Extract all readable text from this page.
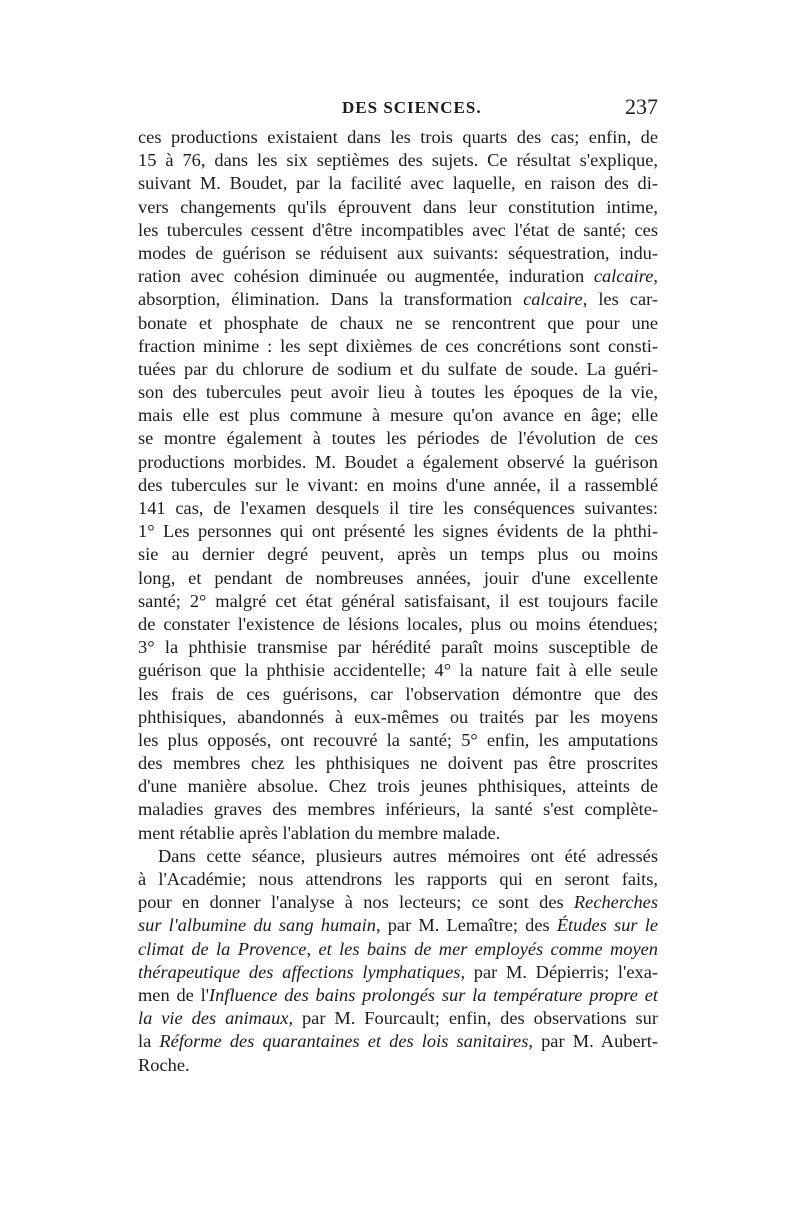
DES SCIENCES.	237
ces productions existaient dans les trois quarts des cas; enfin, de
15 à 76, dans les six septièmes des sujets. Ce résultat s'explique,
suivant M. Boudet, par la facilité avec laquelle, en raison des di-
vers changements qu'ils éprouvent dans leur constitution intime,
les tubercules cessent d'être incompatibles avec l'état de santé; ces
modes de guérison se réduisent aux suivants: séquestration, indu-
ration avec cohésion diminuée ou augmentée, induration calcaire,
absorption, élimination. Dans la transformation calcaire, les car-
bonate et phosphate de chaux ne se rencontrent que pour une
fraction minime : les sept dixièmes de ces concrétions sont consti-
tuées par du chlorure de sodium et du sulfate de soude. La guéri-
son des tubercules peut avoir lieu à toutes les époques de la vie,
mais elle est plus commune à mesure qu'on avance en âge; elle
se montre également à toutes les périodes de l'évolution de ces
productions morbides. M. Boudet a également observé la guérison
des tubercules sur le vivant: en moins d'une année, il a rassemblé
141 cas, de l'examen desquels il tire les conséquences suivantes:
1° Les personnes qui ont présenté les signes évidents de la phthi-
sie au dernier degré peuvent, après un temps plus ou moins
long, et pendant de nombreuses années, jouir d'une excellente
santé; 2° malgré cet état général satisfaisant, il est toujours facile
de constater l'existence de lésions locales, plus ou moins étendues;
3° la phthisie transmise par hérédité paraît moins susceptible de
guérison que la phthisie accidentelle; 4° la nature fait à elle seule
les frais de ces guérisons, car l'observation démontre que des
phthisiques, abandonnés à eux-mêmes ou traités par les moyens
les plus opposés, ont recouvré la santé; 5° enfin, les amputations
des membres chez les phthisiques ne doivent pas être proscrites
d'une manière absolue. Chez trois jeunes phthisiques, atteints de
maladies graves des membres inférieurs, la santé s'est complète-
ment rétablie après l'ablation du membre malade.
Dans cette séance, plusieurs autres mémoires ont été adressés
à l'Académie; nous attendrons les rapports qui en seront faits,
pour en donner l'analyse à nos lecteurs; ce sont des Recherches
sur l'albumine du sang humain, par M. Lemaître; des Études sur le
climat de la Provence, et les bains de mer employés comme moyen
thérapeutique des affections lymphatiques, par M. Dépierris; l'exa-
men de l'Influence des bains prolongés sur la température propre et
la vie des animaux, par M. Fourcault; enfin, des observations sur
la Réforme des quarantaines et des lois sanitaires, par M. Aubert-
Roche.
